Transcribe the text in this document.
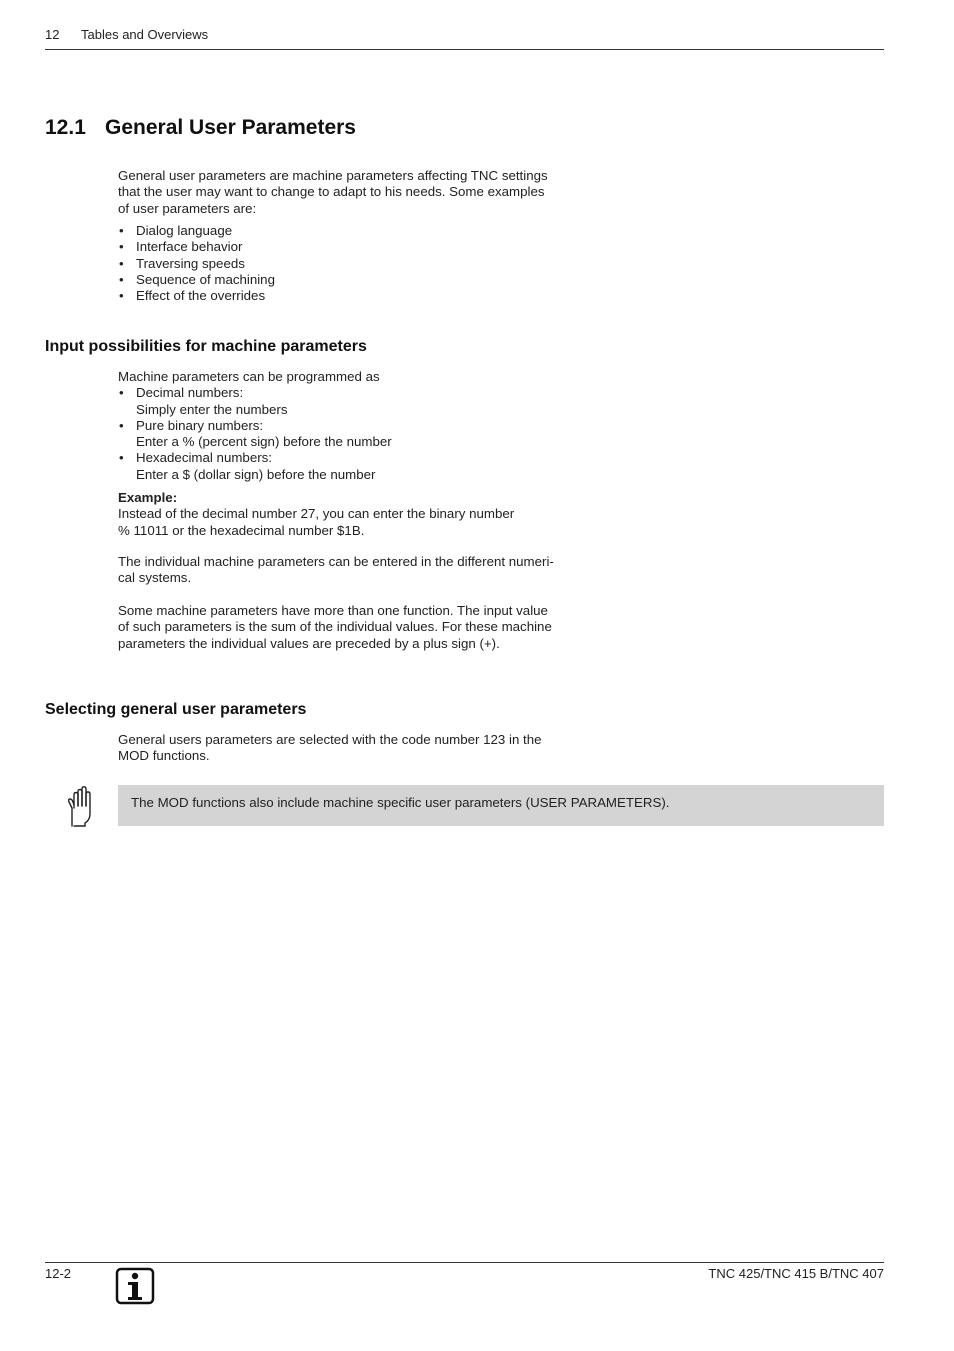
12 Tables and Overviews
12.1 General User Parameters

General user parameters are machine parameters affecting TNC settings

that the user may want to change to adapt to his needs. Some examples

of user parameters are:

• Dialog language
• Interface behavior
• Traversing speeds
• Sequence of machining
• Effect of the overrides
Input possibilities for machine parameters

Machine parameters can be programmed as

• Decimal numbers:
Simply enter the numbers
• Pure binary numbers:
Enter a % (percent sign) before the number
• Hexadecimal numbers:
Enter a $ (dollar sign) before the number

Example:

Instead of the decimal number 27, you can enter the binary number

% 11011 or the hexadecimal number $1B.

The individual machine parameters can be entered in the different numeri-

cal systems.

Some machine parameters have more than one function. The input value

of such parameters is the sum of the individual values. For these machine

parameters the individual values are preceded by a plus sign (+).

Selecting general user parameters

General users parameters are selected with the code number 123 in the

MOD functions.

The MOD functions also include machine specific user parameters (USER PARAMETERS).
12-2	TNC 425/TNC 415 B/TNC 407
